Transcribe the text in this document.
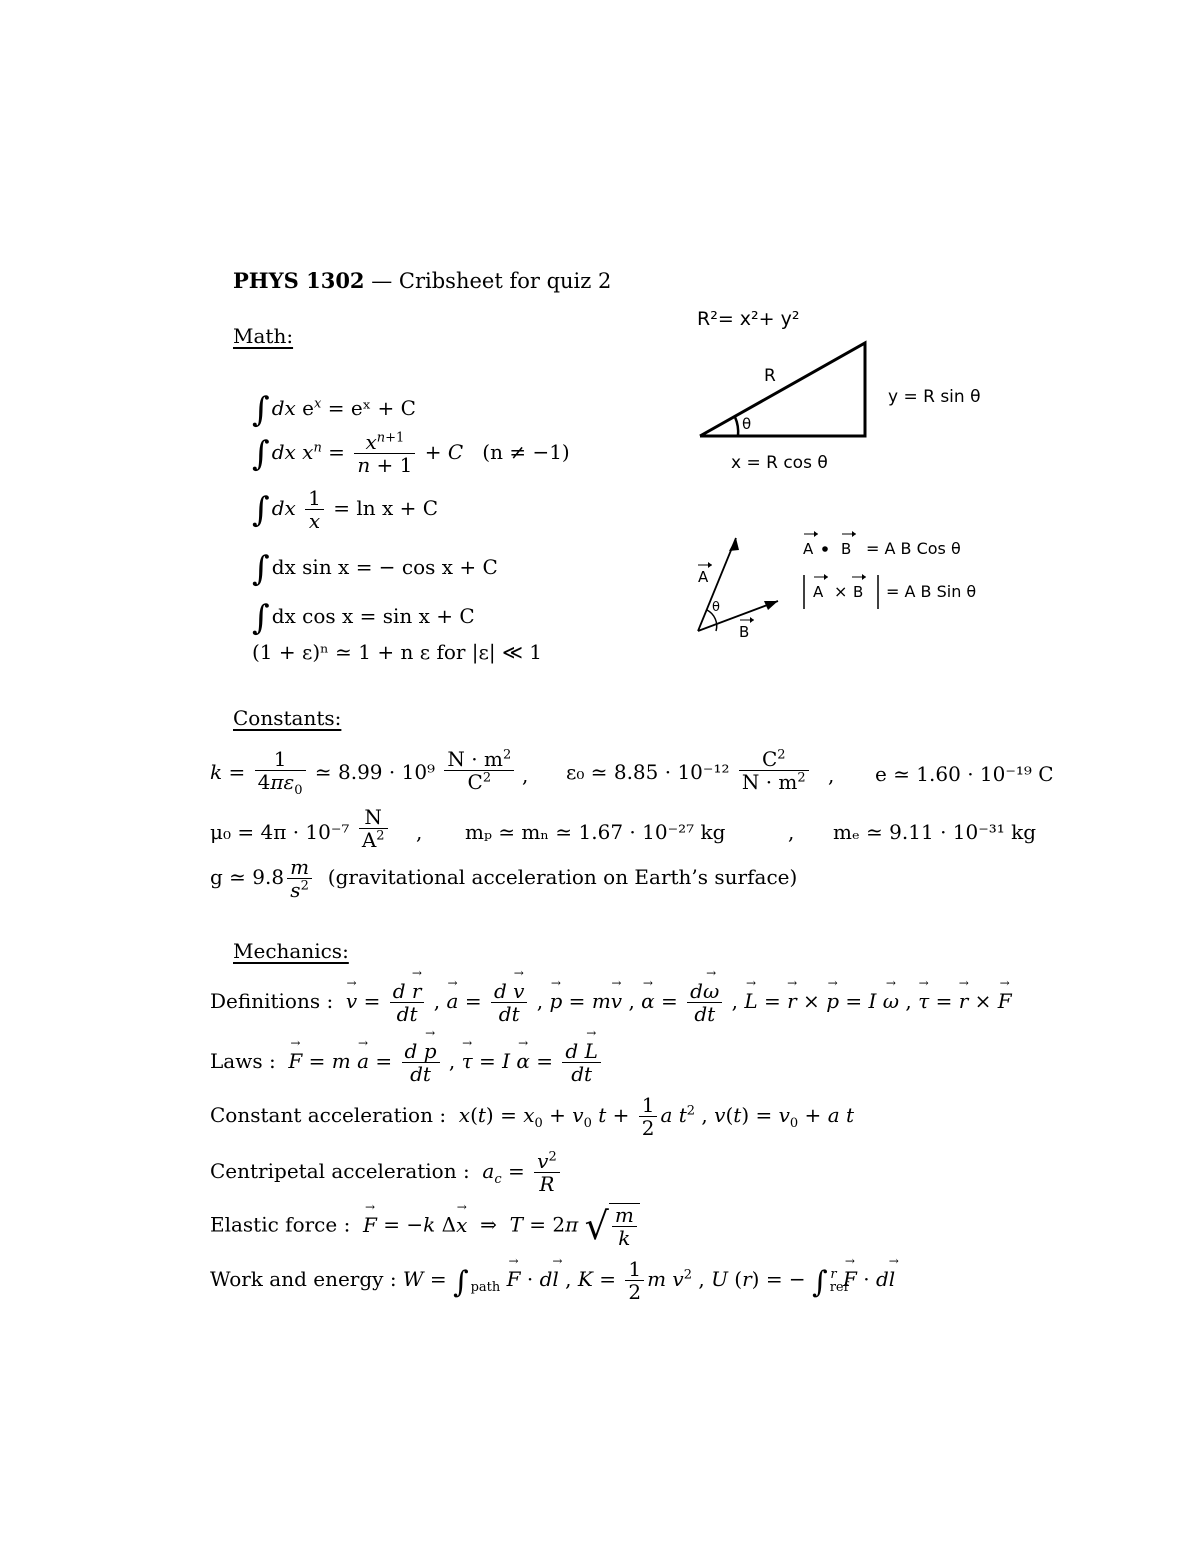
PHYS 1302 — Cribsheet for quiz 2
Math:
∫ dx $e^x$ = eˣ + C
∫ dx $x^n = \frac{x^{n+1}}{n + 1} + C$ (n ≠ −1)
∫ dx $\frac{1}{x} = \ln x + C$
∫ dx sin x = − cos x + C
∫ dx cos x = sin x + C
(1 + ε)ⁿ ≃ 1 + n ε for |ε| ≪ 1
R²= x²+ y²
R
θ
y = R sin θ
x = R cos θ
A
B
θ
A B = A B Cos θ
A × B = A B Sin θ
Constants:
$k = \frac{1}{4\pi\varepsilon_0}$ ≃ $8.99 \cdot 10^9 \frac{N \cdot m^2}{C^2}$ , ε₀ ≃ $8.85 \cdot 10^{-12} \frac{C^2}{N \cdot m^2}$ , e ≃ 1.60 · 10⁻¹⁹ C
$\mu_0 = 4\pi \cdot 10^{-7} \frac{N}{A^2}$ , mₚ ≃ mₙ ≃ 1.67 · 10⁻²⁷ kg	, mₑ ≃ 9.11 · 10⁻³¹ kg
g ≃ $9.8 \frac{m}{s^2}$ (gravitational acceleration on Earth’s surface)
Mechanics:
Definitions : → $v = \frac{d \to r}{dt}$ , → $a = \frac{d \to v}{dt}$ , → p = m→ v , → $\alpha = \frac{d\to \omega}{dt}$ , → L = → r × → p = I → ω , → τ = → r × → F
Laws : → $F = m \to a = \frac{d \to p}{dt}$ , → $\tau = I \to \alpha = \frac{d \to L}{dt}$
Constant acceleration : $x(t) = x_0 + v_0$ $t + \frac{1}{2}$ a $t^2$ , $v(t) = v_0 + a$ t
Centripetal acceleration : $a_c = \frac{v^2}{R}$
Elastic force : → F = −k Δ→ x  ⇒  T = 2π √ $\frac{m}{k}$
Work and energy : W = ∫ $_{path}$ → F · d→ l , $K = \frac{1}{2}$ m $v^2$ , U (r) = − ∫ $_{ref}^r$ → F · d→ l
